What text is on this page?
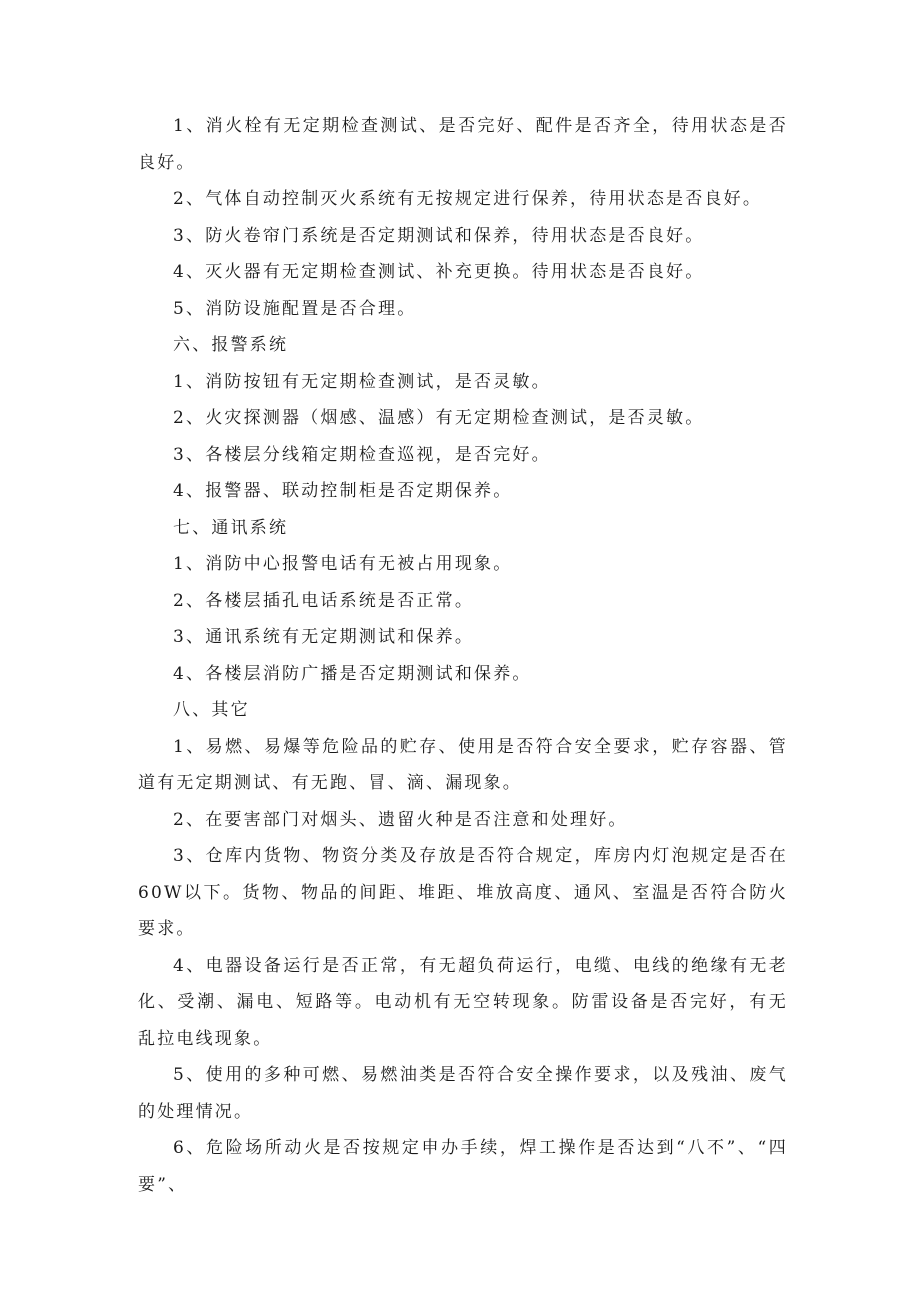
1、消火栓有无定期检查测试、是否完好、配件是否齐全，待用状态是否良好。

2、气体自动控制灭火系统有无按规定进行保养，待用状态是否良好。

3、防火卷帘门系统是否定期测试和保养，待用状态是否良好。

4、灭火器有无定期检查测试、补充更换。待用状态是否良好。

5、消防设施配置是否合理。

六、报警系统

1、消防按钮有无定期检查测试，是否灵敏。

2、火灾探测器（烟感、温感）有无定期检查测试，是否灵敏。

3、各楼层分线箱定期检查巡视，是否完好。

4、报警器、联动控制柜是否定期保养。

七、通讯系统

1、消防中心报警电话有无被占用现象。

2、各楼层插孔电话系统是否正常。

3、通讯系统有无定期测试和保养。

4、各楼层消防广播是否定期测试和保养。

八、其它

1、易燃、易爆等危险品的贮存、使用是否符合安全要求，贮存容器、管道有无定期测试、有无跑、冒、滴、漏现象。

2、在要害部门对烟头、遗留火种是否注意和处理好。

3、仓库内货物、物资分类及存放是否符合规定，库房内灯泡规定是否在60W以下。货物、物品的间距、堆距、堆放高度、通风、室温是否符合防火要求。

4、电器设备运行是否正常，有无超负荷运行，电缆、电线的绝缘有无老化、受潮、漏电、短路等。电动机有无空转现象。防雷设备是否完好，有无乱拉电线现象。

5、使用的多种可燃、易燃油类是否符合安全操作要求，以及残油、废气的处理情况。

6、危险场所动火是否按规定申办手续，焊工操作是否达到“八不”、“四要”、
